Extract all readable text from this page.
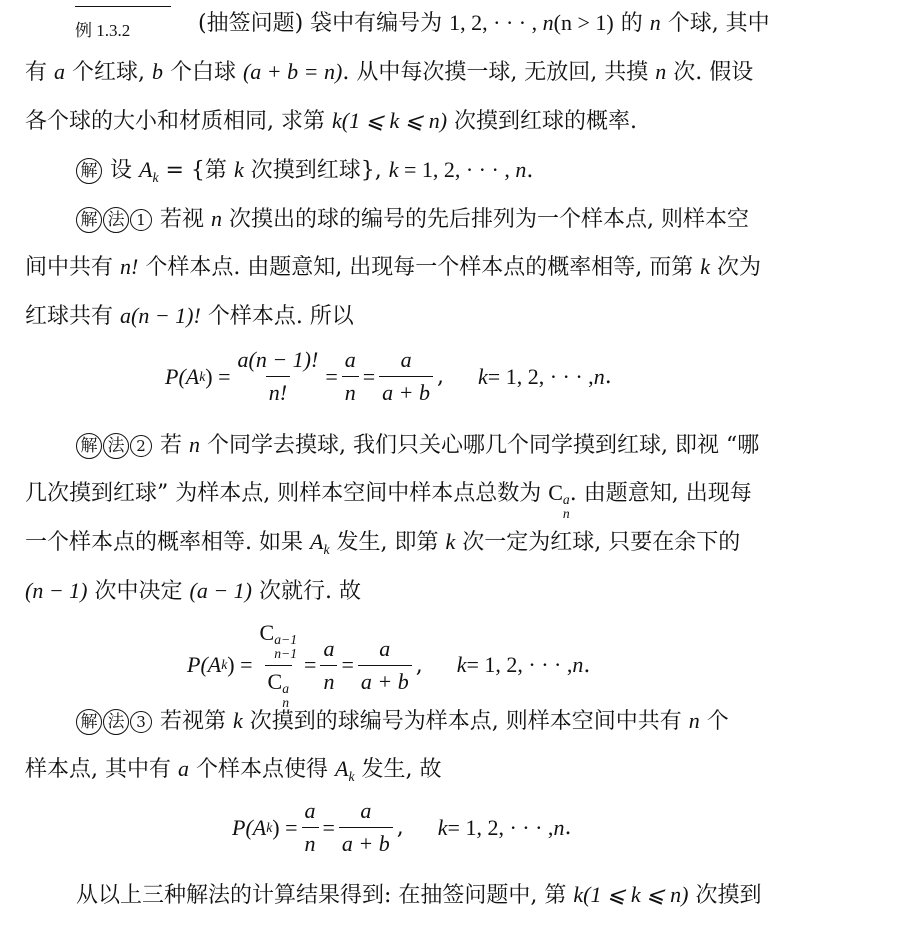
例 1.3.2	(抽签问题) 袋中有编号为 1, 2, · · · , n(n > 1) 的 n 个球, 其中
有 a 个红球, b 个白球 (a + b = n). 从中每次摸一球, 无放回, 共摸 n 次. 假设
各个球的大小和材质相同, 求第 k(1 ⩽ k ⩽ n) 次摸到红球的概率.
解 设 $A_k$ = {第 k 次摸到红球}, k = 1, 2, · · · , n.
解 法 1 若视 n 次摸出的球的编号的先后排列为一个样本点, 则样本空
间中共有 n! 个样本点. 由题意知, 出现每一个样本点的概率相等, 而第 k 次为
红球共有 a(n − 1)! 个样本点. 所以
P(A k ) = $\frac{a(n - 1)!}{n!} = \frac{a}{n} = \frac{a}{a + b}$ , k = 1, 2, · · · , n .
解 法 2 若 n 个同学去摸球, 我们只关心哪几个同学摸到红球, 即视 “哪
几次摸到红球” 为样本点, 则样本空间中样本点总数为 C a
n
. 由题意知, 出现每
一个样本点的概率相等. 如果 $A_k$ 发生, 即第 k 次一定为红球, 只要在余下的
(n − 1) 次中决定 (a − 1) 次就行. 故
P(A k ) = C a−1
n−1
C a
$n = \frac{a}{n} = \frac{a}{a + b}$ , k = 1, 2, · · · , n .
解 法 3 若视第 k 次摸到的球编号为样本点, 则样本空间中共有 n 个
样本点, 其中有 a 个样本点使得 $A_k$ 发生, 故
P(A k ) = $\frac{a}{n} = \frac{a}{a + b}$ , k = 1, 2, · · · , n .
从以上三种解法的计算结果得到: 在抽签问题中, 第 k(1 ⩽ k ⩽ n) 次摸到
